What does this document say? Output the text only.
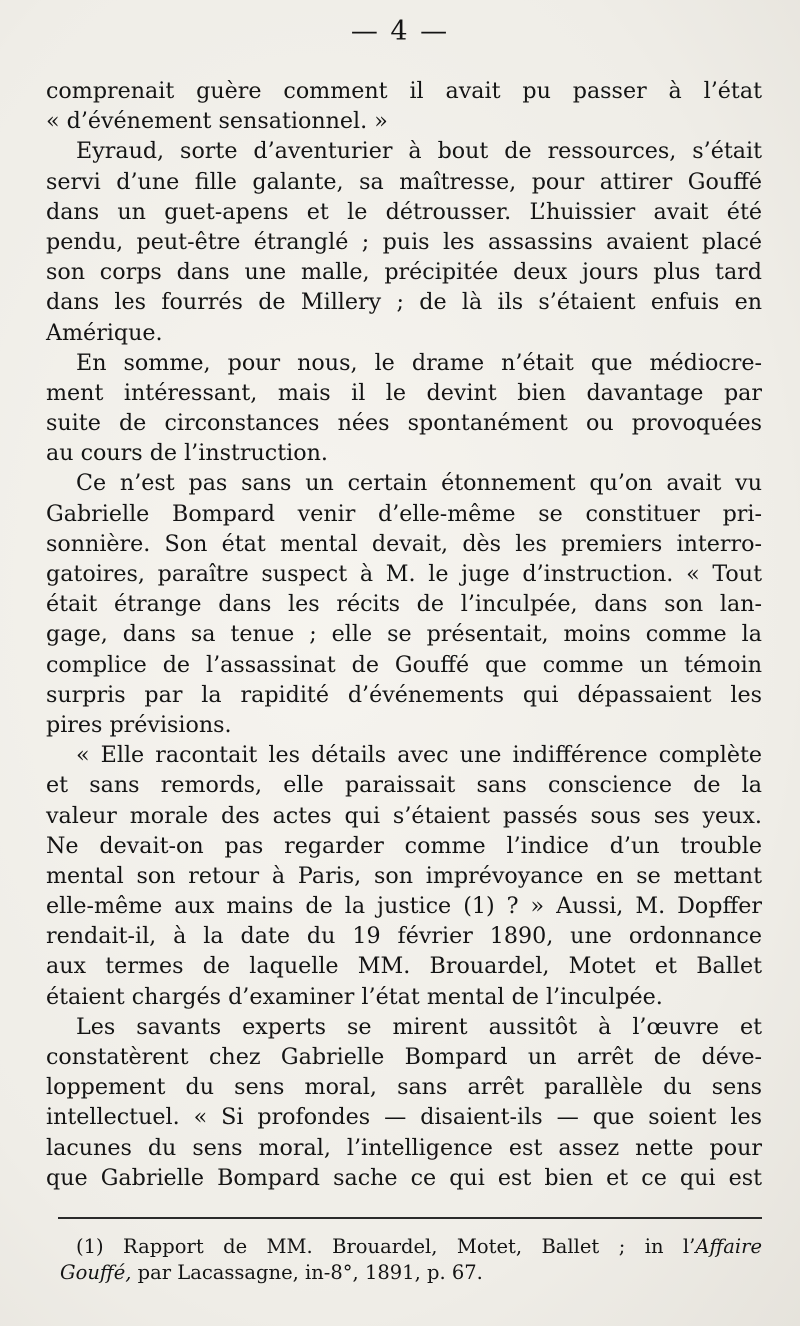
— 4 —
comprenait guère comment il avait pu passer à l’état
« d’événement sensationnel. »
Eyraud, sorte d’aventurier à bout de ressources, s’était
servi d’une fille galante, sa maîtresse, pour attirer Gouffé
dans un guet-apens et le détrousser. L’huissier avait été
pendu, peut-être étranglé ; puis les assassins avaient placé
son corps dans une malle, précipitée deux jours plus tard
dans les fourrés de Millery ; de là ils s’étaient enfuis en
Amérique.
En somme, pour nous, le drame n’était que médiocre-
ment intéressant, mais il le devint bien davantage par
suite de circonstances nées spontanément ou provoquées
au cours de l’instruction.
Ce n’est pas sans un certain étonnement qu’on avait vu
Gabrielle Bompard venir d’elle-même se constituer pri-
sonnière. Son état mental devait, dès les premiers interro-
gatoires, paraître suspect à M. le juge d’instruction. « Tout
était étrange dans les récits de l’inculpée, dans son lan-
gage, dans sa tenue ; elle se présentait, moins comme la
complice de l’assassinat de Gouffé que comme un témoin
surpris par la rapidité d’événements qui dépassaient les
pires prévisions.
« Elle racontait les détails avec une indifférence complète
et sans remords, elle paraissait sans conscience de la
valeur morale des actes qui s’étaient passés sous ses yeux.
Ne devait-on pas regarder comme l’indice d’un trouble
mental son retour à Paris, son imprévoyance en se mettant
elle-même aux mains de la justice (1) ? » Aussi, M. Dopffer
rendait-il, à la date du 19 février 1890, une ordonnance
aux termes de laquelle MM. Brouardel, Motet et Ballet
étaient chargés d’examiner l’état mental de l’inculpée.
Les savants experts se mirent aussitôt à l’œuvre et
constatèrent chez Gabrielle Bompard un arrêt de déve-
loppement du sens moral, sans arrêt parallèle du sens
intellectuel. « Si profondes — disaient-ils — que soient les
lacunes du sens moral, l’intelligence est assez nette pour
que Gabrielle Bompard sache ce qui est bien et ce qui est
(1) Rapport de MM. Brouardel, Motet, Ballet ; in l’Affaire
Gouffé, par Lacassagne, in-8°, 1891, p. 67.
